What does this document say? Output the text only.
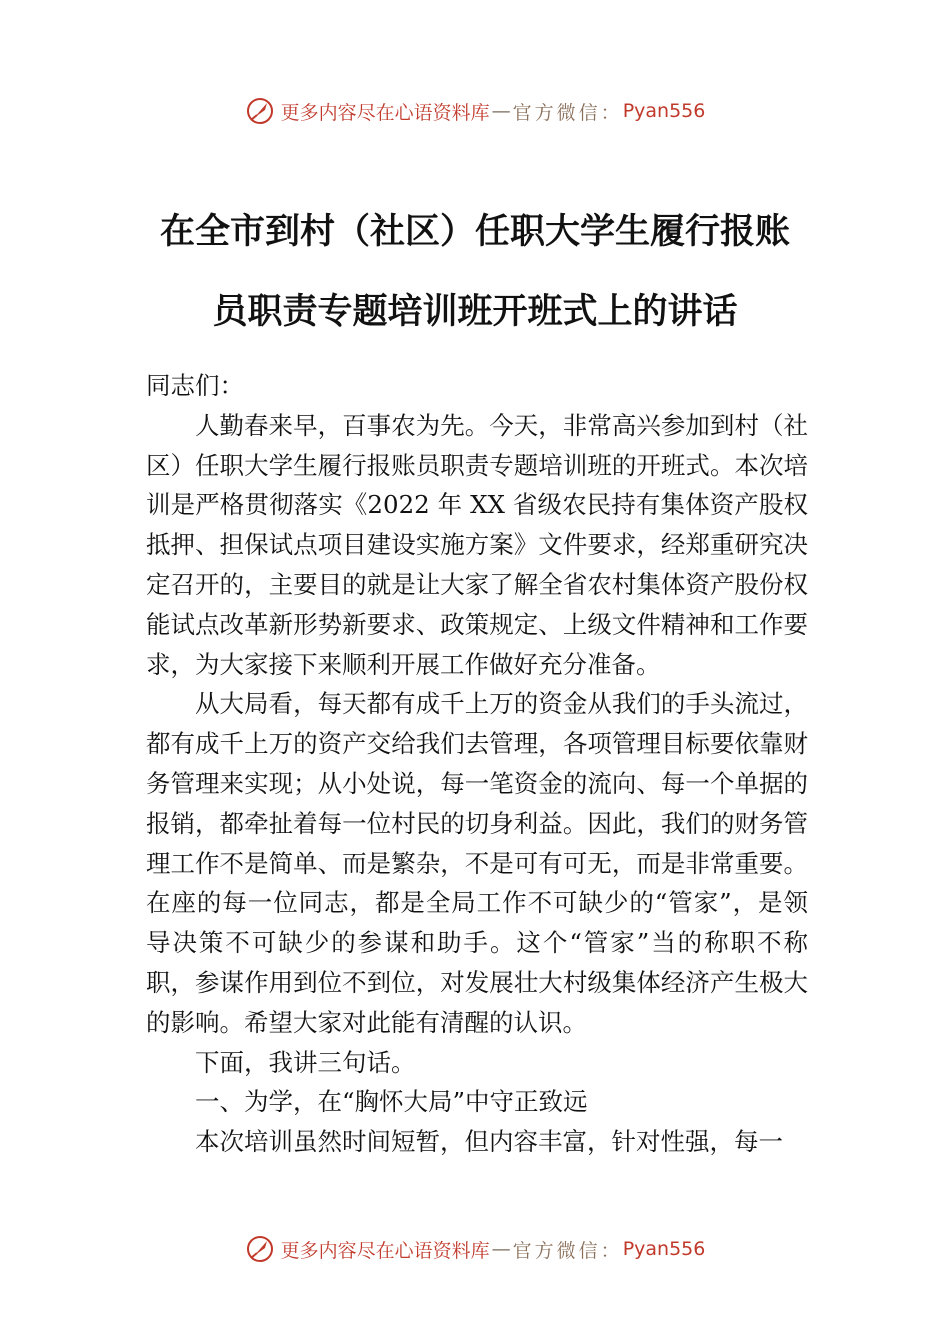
更多内容尽在心语资料库 — 官方微信： Pyan556
在全市到村（社区）任职大学生履行报账
员职责专题培训班开班式上的讲话

同志们：

人勤春来早，百事农为先。今天，非常高兴参加到村（社区）任职大学生履行报账员职责专题培训班的开班式。本次培训是严格贯彻落实《2022 年 XX 省级农民持有集体资产股权抵押、担保试点项目建设实施方案》文件要求，经郑重研究决定召开的，主要目的就是让大家了解全省农村集体资产股份权能试点改革新形势新要求、政策规定、上级文件精神和工作要求，为大家接下来顺利开展工作做好充分准备。

从大局看，每天都有成千上万的资金从我们的手头流过，都有成千上万的资产交给我们去管理，各项管理目标要依靠财务管理来实现；从小处说，每一笔资金的流向、每一个单据的报销，都牵扯着每一位村民的切身利益。因此，我们的财务管理工作不是简单、而是繁杂，不是可有可无，而是非常重要。在座的每一位同志，都是全局工作不可缺少的“管家”，是领导决策不可缺少的参谋和助手。这个“管家”当的称职不称职，参谋作用到位不到位，对发展壮大村级集体经济产生极大的影响。希望大家对此能有清醒的认识。

下面，我讲三句话。

一、为学，在“胸怀大局”中守正致远

本次培训虽然时间短暂，但内容丰富，针对性强，每一

更多内容尽在心语资料库 — 官方微信： Pyan556
